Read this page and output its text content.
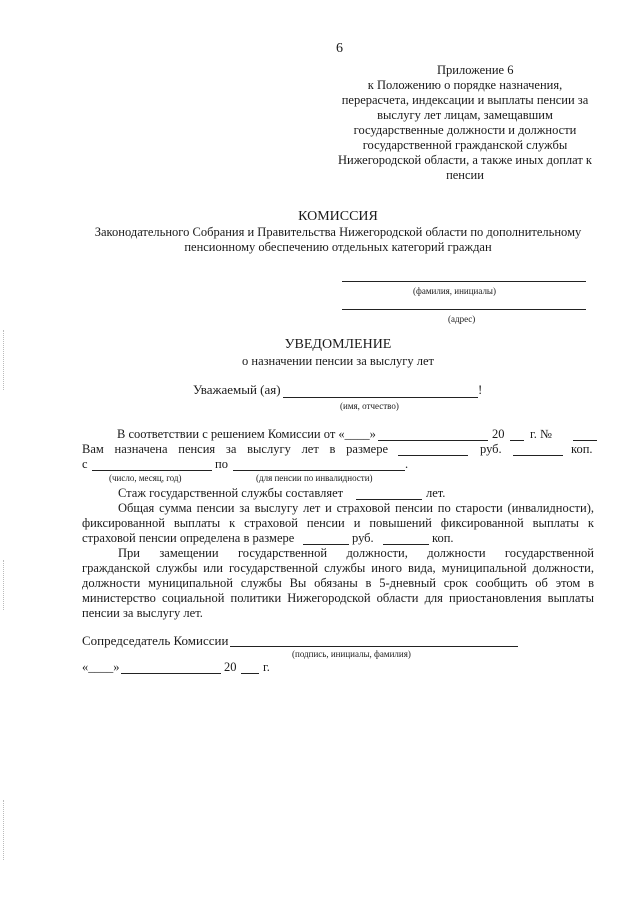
6
Приложение 6
к Положению о порядке назначения,
перерасчета, индексации и выплаты пенсии за
выслугу лет лицам, замещавшим
государственные должности и должности
государственной гражданской службы
Нижегородской области, а также иных доплат к
пенсии
КОМИССИЯ
Законодательного Собрания и Правительства Нижегородской области по дополнительному
пенсионному обеспечению отдельных категорий граждан
(фамилия, инициалы)
(адрес)
УВЕДОМЛЕНИЕ
о назначении пенсии за выслугу лет
Уважаемый (ая)	!
(имя, отчество)
В соответствии с решением Комиссии от «____»	20 г. №
Вам назначена пенсия за выслугу лет в размере	руб.	коп.
с	по	.
(число, месяц, год)	(для пенсии по инвалидности)
Стаж государственной службы составляет	лет.
Общая сумма пенсии за выслугу лет и страховой пенсии по старости (инвалидности),
фиксированной выплаты к страховой пенсии и повышений фиксированной выплаты к
страховой пенсии определена в размере	руб.	коп.
При замещении государственной должности, должности государственной
гражданской службы или государственной службы иного вида, муниципальной должности,
должности муниципальной службы Вы обязаны в 5-дневный срок сообщить об этом в
министерство социальной политики Нижегородской области для приостановления выплаты
пенсии за выслугу лет.
Сопредседатель Комиссии
(подпись, инициалы, фамилия)
«____»	20 г.
